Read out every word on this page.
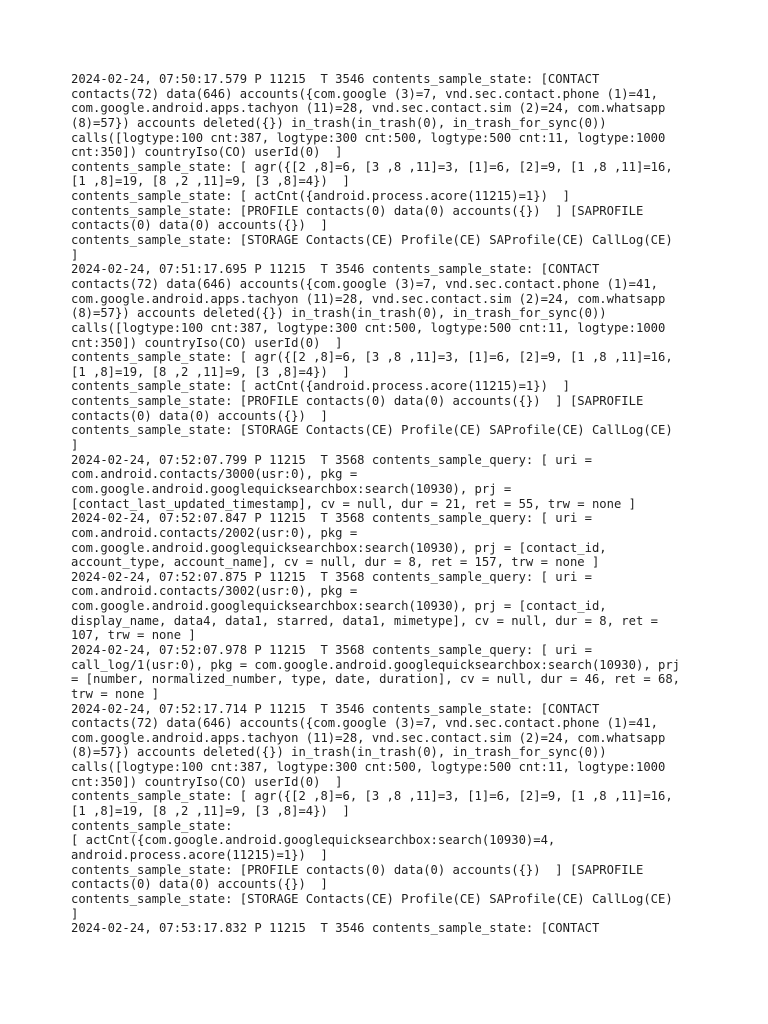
2024-02-24, 07:50:17.579 P 11215  T 3546 contents_sample_state: [CONTACT
contacts(72) data(646) accounts({com.google (3)=7, vnd.sec.contact.phone (1)=41,
com.google.android.apps.tachyon (11)=28, vnd.sec.contact.sim (2)=24, com.whatsapp
(8)=57}) accounts deleted({}) in_trash(in_trash(0), in_trash_for_sync(0))
calls([logtype:100 cnt:387, logtype:300 cnt:500, logtype:500 cnt:11, logtype:1000
cnt:350]) countryIso(CO) userId(0)  ]
contents_sample_state: [ agr({[2 ,8]=6, [3 ,8 ,11]=3, [1]=6, [2]=9, [1 ,8 ,11]=16,
[1 ,8]=19, [8 ,2 ,11]=9, [3 ,8]=4})  ]
contents_sample_state: [ actCnt({android.process.acore(11215)=1})  ]
contents_sample_state: [PROFILE contacts(0) data(0) accounts({})  ] [SAPROFILE
contacts(0) data(0) accounts({})  ]
contents_sample_state: [STORAGE Contacts(CE) Profile(CE) SAProfile(CE) CallLog(CE)
]
2024-02-24, 07:51:17.695 P 11215  T 3546 contents_sample_state: [CONTACT
contacts(72) data(646) accounts({com.google (3)=7, vnd.sec.contact.phone (1)=41,
com.google.android.apps.tachyon (11)=28, vnd.sec.contact.sim (2)=24, com.whatsapp
(8)=57}) accounts deleted({}) in_trash(in_trash(0), in_trash_for_sync(0))
calls([logtype:100 cnt:387, logtype:300 cnt:500, logtype:500 cnt:11, logtype:1000
cnt:350]) countryIso(CO) userId(0)  ]
contents_sample_state: [ agr({[2 ,8]=6, [3 ,8 ,11]=3, [1]=6, [2]=9, [1 ,8 ,11]=16,
[1 ,8]=19, [8 ,2 ,11]=9, [3 ,8]=4})  ]
contents_sample_state: [ actCnt({android.process.acore(11215)=1})  ]
contents_sample_state: [PROFILE contacts(0) data(0) accounts({})  ] [SAPROFILE
contacts(0) data(0) accounts({})  ]
contents_sample_state: [STORAGE Contacts(CE) Profile(CE) SAProfile(CE) CallLog(CE)
]
2024-02-24, 07:52:07.799 P 11215  T 3568 contents_sample_query: [ uri =
com.android.contacts/3000(usr:0), pkg =
com.google.android.googlequicksearchbox:search(10930), prj =
[contact_last_updated_timestamp], cv = null, dur = 21, ret = 55, trw = none ]
2024-02-24, 07:52:07.847 P 11215  T 3568 contents_sample_query: [ uri =
com.android.contacts/2002(usr:0), pkg =
com.google.android.googlequicksearchbox:search(10930), prj = [contact_id,
account_type, account_name], cv = null, dur = 8, ret = 157, trw = none ]
2024-02-24, 07:52:07.875 P 11215  T 3568 contents_sample_query: [ uri =
com.android.contacts/3002(usr:0), pkg =
com.google.android.googlequicksearchbox:search(10930), prj = [contact_id,
display_name, data4, data1, starred, data1, mimetype], cv = null, dur = 8, ret =
107, trw = none ]
2024-02-24, 07:52:07.978 P 11215  T 3568 contents_sample_query: [ uri =
call_log/1(usr:0), pkg = com.google.android.googlequicksearchbox:search(10930), prj
= [number, normalized_number, type, date, duration], cv = null, dur = 46, ret = 68,
trw = none ]
2024-02-24, 07:52:17.714 P 11215  T 3546 contents_sample_state: [CONTACT
contacts(72) data(646) accounts({com.google (3)=7, vnd.sec.contact.phone (1)=41,
com.google.android.apps.tachyon (11)=28, vnd.sec.contact.sim (2)=24, com.whatsapp
(8)=57}) accounts deleted({}) in_trash(in_trash(0), in_trash_for_sync(0))
calls([logtype:100 cnt:387, logtype:300 cnt:500, logtype:500 cnt:11, logtype:1000
cnt:350]) countryIso(CO) userId(0)  ]
contents_sample_state: [ agr({[2 ,8]=6, [3 ,8 ,11]=3, [1]=6, [2]=9, [1 ,8 ,11]=16,
[1 ,8]=19, [8 ,2 ,11]=9, [3 ,8]=4})  ]
contents_sample_state:
[ actCnt({com.google.android.googlequicksearchbox:search(10930)=4,
android.process.acore(11215)=1})  ]
contents_sample_state: [PROFILE contacts(0) data(0) accounts({})  ] [SAPROFILE
contacts(0) data(0) accounts({})  ]
contents_sample_state: [STORAGE Contacts(CE) Profile(CE) SAProfile(CE) CallLog(CE)
]
2024-02-24, 07:53:17.832 P 11215  T 3546 contents_sample_state: [CONTACT
